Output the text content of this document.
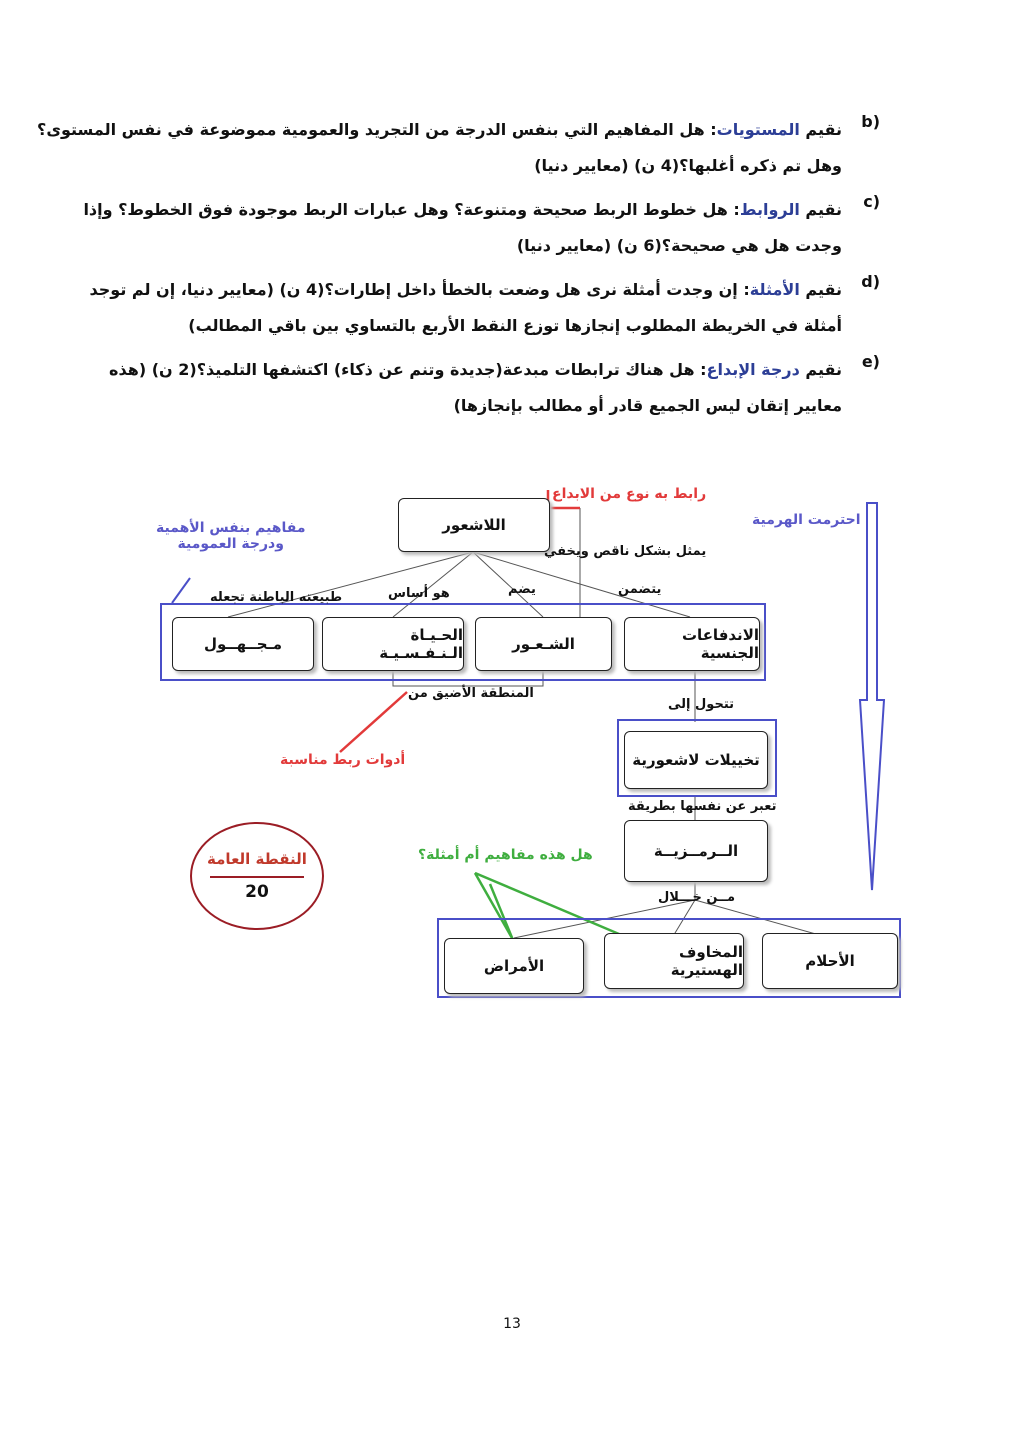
b)
نقيم المستويات: هل المفاهيم التي بنفس الدرجة من التجريد والعمومية مموضوعة في نفس المستوى؟
وهل تم ذكره أغلبها؟(4 ن) (معايير دنيا)
c)
نقيم الروابط: هل خطوط الربط صحيحة ومتنوعة؟ وهل عبارات الربط موجودة فوق الخطوط؟ وإذا
وجدت هل هي صحيحة؟(6 ن) (معايير دنيا)
d)
نقيم الأمثلة: إن وجدت أمثلة نرى هل وضعت بالخطأ داخل إطارات؟(4 ن) (معايير دنيا، إن لم توجد
أمثلة في الخريطة المطلوب إنجازها توزع النقط الأربع بالتساوي بين باقي المطالب)
e)
نقيم درجة الإبداع: هل هناك ترابطات مبدعة(جديدة وتنم عن ذكاء) اكتشفها التلميذ؟(2 ن) (هذه
معايير إتقان ليس الجميع قادر أو مطالب بإنجازها)
اللاشعور
الاندفاعات الجنسية
الشـعـور
الحـيـاة الـنـفـسـيـة
مـجــهــول
تخييلات لاشعورية
الــرمــزيــة
الأحلام
المخاوف الهستيرية
الأمراض
يتضمن
يضم
هو أساس
طبيعته الباطنة تجعله
يمثل بشكل ناقص ويخفي
المنطقة الأضيق من
تتحول إلى
تعبر عن نفسها بطريقة
مــن خـــلال
مفاهيم بنفس الأهمية
ودرجة العمومية
احترمت الهرمية
رابط به نوع من الابداع
أدوات ربط مناسبة
هل هذه مفاهيم أم أمثلة؟
النقطة العامة
20
13
